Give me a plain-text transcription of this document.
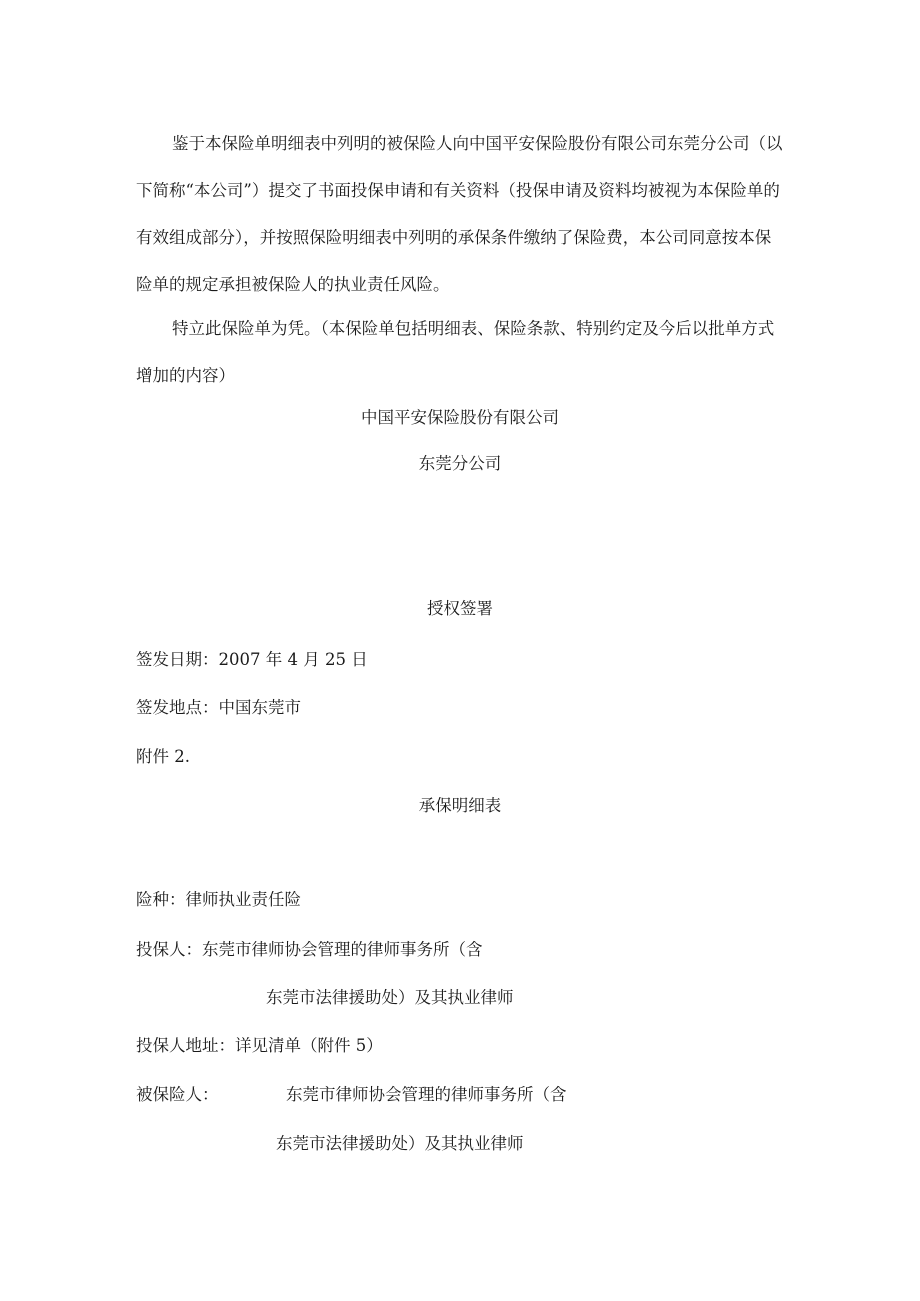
鉴于本保险单明细表中列明的被保险人向中国平安保险股份有限公司东莞分公司（以下简称“本公司”）提交了书面投保申请和有关资料（投保申请及资料均被视为本保险单的有效组成部分），并按照保险明细表中列明的承保条件缴纳了保险费，本公司同意按本保险单的规定承担被保险人的执业责任风险。

特立此保险单为凭。（本保险单包括明细表、保险条款、特别约定及今后以批单方式增加的内容）

中国平安保险股份有限公司

东莞分公司

授权签署

签发日期：2007 年 4 月 25 日

签发地点：中国东莞市

附件 2.

承保明细表

险种：律师执业责任险

投保人：东莞市律师协会管理的律师事务所（含

东莞市法律援助处）及其执业律师

投保人地址：详见清单（附件 5）

被保险人：	东莞市律师协会管理的律师事务所（含

东莞市法律援助处）及其执业律师
